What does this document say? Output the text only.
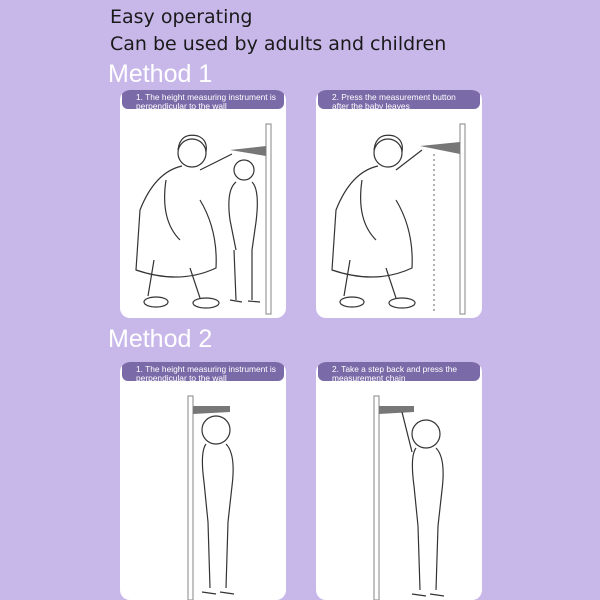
Easy operating
Can be used by adults and children
Method 1
1. The height measuring instrument is perpendicular to the wall
2. Press the measurement button after the baby leaves
Method 2
1. The height measuring instrument is perpendicular to the wall
2. Take a step back and press the measurement chain
